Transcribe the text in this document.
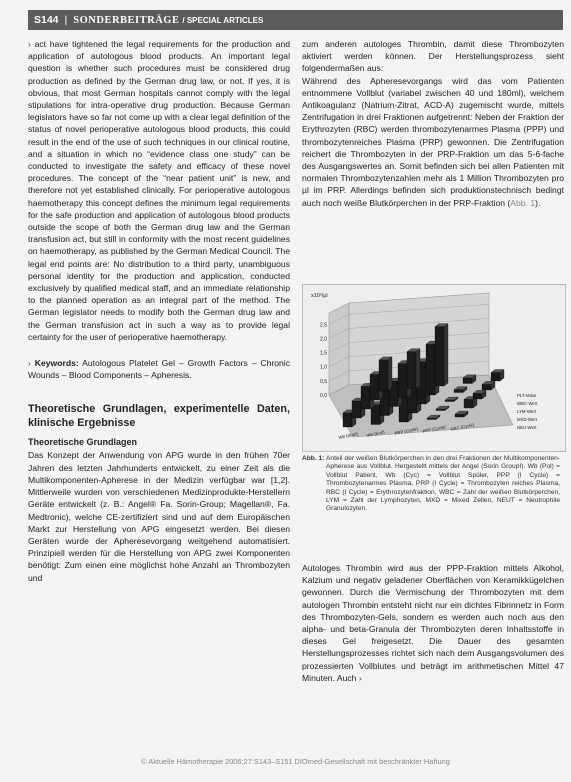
S144 | SONDERBEITRÄGE / SPECIAL ARTICLES

› act have tightened the legal requirements for the production and application of autologous blood products. An important legal question is whether such procedures must be considered drug production as defined by the German drug law, or not. If yes, it is obvious, that most German hospitals cannot comply with the legal stipulations for intra-operative drug production. Because German legislators have so far not come up with a clear legal definition of the status of novel perioperative autologous blood products, this could result in the end of the use of such techniques in our clinical routine, and a situation in which no “evidence class one study” can be conducted to investigate the safety and efficacy of these novel procedures. The concept of the “near patient unit” is new, and therefore not yet established clinically. For perioperative autologous haemotherapy this concept defines the minimum legal requirements for the safe production and application of autologous blood products outside the scope of both the German drug law and the German transfusion act, but still in conformity with the most recent guidelines on haemotherapy, as published by the German Medical Council. The legal end points are: No distribution to a third party, unambiguous personal identity for the production and application, conducted exclusively by qualified medical staff, and an immediate relationship to the planned operation as an integral part of the method. The German legislator needs to modify both the German drug law and the German transfusion act in such a way as to provide legal certainty for the user of perioperative haemotherapy.

› Keywords: Autologous Platelet Gel – Growth Factors – Chronic Wounds – Blood Components – Apheresis.

Theoretische Grundlagen, experimentelle Daten, klinische Ergebnisse
Theoretische Grundlagen

Das Konzept der Anwendung von APG wurde in den frühen 70er Jahren des letzten Jahrhunderts entwickelt, zu einer Zeit als die Multikomponenten-Apherese in der Medizin verfügbar war [1,2]. Mittlerweile wurden von verschiedenen Medizinprodukte-Herstellern Geräte entwickelt (z. B.: Angel® Fa. Sorin-Group; Magellan®, Fa. Medtronic), welche CE-zertifiziert sind und auf dem Europäischen Markt zur Herstellung von APG eingesetzt werden. Bei diesen Geräten wurde der Apheresevorgang weitgehend automatisiert. Prinzipiell werden für die Herstellung von APG zwei Komponenten benötigt: Zum einen eine möglichst hohe Anzahl an Thrombozyten und

zum anderen autologes Thrombin, damit diese Thrombozyten aktiviert werden können. Der Herstellungsprozess sieht folgendermaßen aus:

Während des Apheresevorgangs wird das vom Patienten entnommene Vollblut (variabel zwischen 40 und 180ml), welchem Antikoagulanz (Natrium-Zitrat, ACD-A) zugemischt wurde, mittels Zentrifugation in drei Fraktionen aufgetrennt: Neben der Fraktion der Erythrozyten (RBC) werden thrombozytenarmes Plasma (PPP) und thrombozytenreiches Plasma (PRP) gewonnen. Die Zentrifugation reichert die Thrombozyten in der PRP-Fraktion um das 5-6-fache des Ausgangswertes an. Somit befinden sich bei allen Patienten mit normalen Thrombozytenzahlen mehr als 1 Million Thrombozyten pro µl im PRP. Allerdings befinden sich produktionstechnisch bedingt auch noch weiße Blutkörperchen in der PRP-Fraktion (Abb. 1).

2,5
2,0
1,5
1,0
0,5
0,0
x10³/µl
Wb (Start) Wb (End) PRP (Cycle) PPP (Cycle) RBC (Cycle)
PLT-Value
WBC-Wert
LYM-Wert
MXD-Wert
NEU-Wert
Abb. 1: Anteil der weißen Blutkörperchen in den drei Fraktionen der Multikomponenten-Apherese aus Vollblut. Hergestellt mittels der Angel (Sorin GroupI). Wb (Pol) = Vollblut Patient, Wb (Cyc) = Vollblut Spüler, PPP (I Cycle) = Thrombozytenarmes Plasma, PRP (I Cycle) = Thrombozyten reiches Plasma, RBC (I Cycle) = Erythrozytenfraktion, WBC = Zahl der weißen Blutkörperchen, LYM = Zahl der Lymphozyten, MXD = Mixed Zellen, NEUT = Neutrophile Granulozyten.

Autologes Thrombin wird aus der PPP-Fraktion mittels Alkohol, Kalzium und negativ geladener Oberflächen von Keramikkügelchen gewonnen. Durch die Vermischung der Thrombozyten mit dem autologen Thrombin entsteht nicht nur ein dichtes Fibrinnetz in Form des Thrombozyten-Gels, sondern es werden auch noch aus den alpha- und beta-Granula der Thrombozyten deren Inhaltsstoffe in dieses Gel freigesetzt. Die Dauer des gesamten Herstellungsprozesses richtet sich nach dem Ausgangsvolumen des prozessierten Vollblutes und beträgt im arithmetischen Mittel 47 Minuten. Auch ›

© Aktuelle Hämotherapie 2006;27:S143–S151 DIOmed-Gesellschaft mit beschränkter Haftung
